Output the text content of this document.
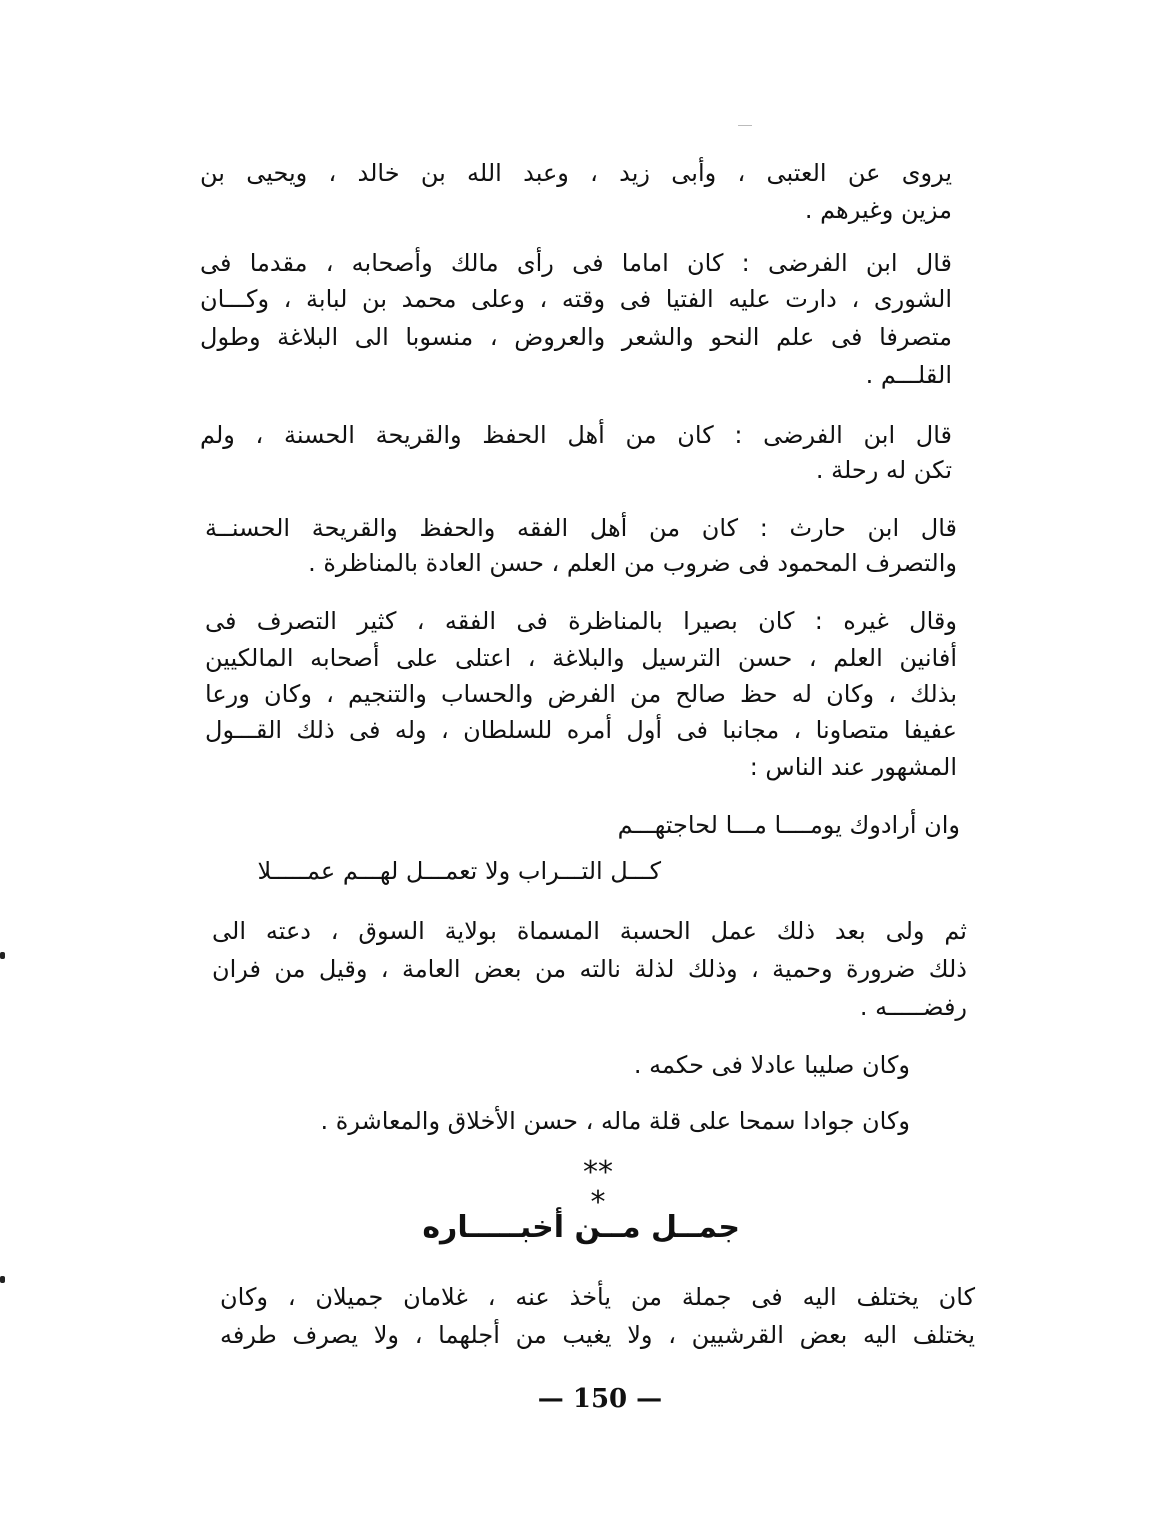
يروى عن العتبى ، وأبى زيد ، وعبد الله بن خالد ، ويحيى بن
مزين وغيرهم .
قال ابن الفرضى : كان اماما فى رأى مالك وأصحابه ، مقدما فى
الشورى ، دارت عليه الفتيا فى وقته ، وعلى محمد بن لبابة ، وكـــان
متصرفا فى علم النحو والشعر والعروض ، منسوبا الى البلاغة وطول
القلـــم .
قال ابن الفرضى : كان من أهل الحفظ والقريحة الحسنة ، ولم
تكن له رحلة .
قال ابن حارث : كان من أهل الفقه والحفظ والقريحة الحسنــة
والتصرف المحمود فى ضروب من العلم ، حسن العادة بالمناظرة .
وقال غيره : كان بصيرا بالمناظرة فى الفقه ، كثير التصرف فى
أفانين العلم ، حسن الترسيل والبلاغة ، اعتلى على أصحابه المالكيين
بذلك ، وكان له حظ صالح من الفرض والحساب والتنجيم ، وكان ورعا
عفيفا متصاونا ، مجانبا فى أول أمره للسلطان ، وله فى ذلك القـــول
المشهور عند الناس :
وان أرادوك يومــــا مـــا لحاجتهـــم
كـــل التـــراب ولا تعمـــل لهـــم عمـــــلا
ثم ولى بعد ذلك عمل الحسبة المسماة بولاية السوق ، دعته الى
ذلك ضرورة وحمية ، وذلك لذلة نالته من بعض العامة ، وقيل من فران
رفضـــــه .
وكان صليبا عادلا فى حكمه .
وكان جوادا سمحا على قلة ماله ، حسن الأخلاق والمعاشرة .
**
*
جمــل مــن أخبـــــاره
كان يختلف اليه فى جملة من يأخذ عنه ، غلامان جميلان ، وكان
يختلف اليه بعض القرشيين ، ولا يغيب من أجلهما ، ولا يصرف طرفه
— 150 —
